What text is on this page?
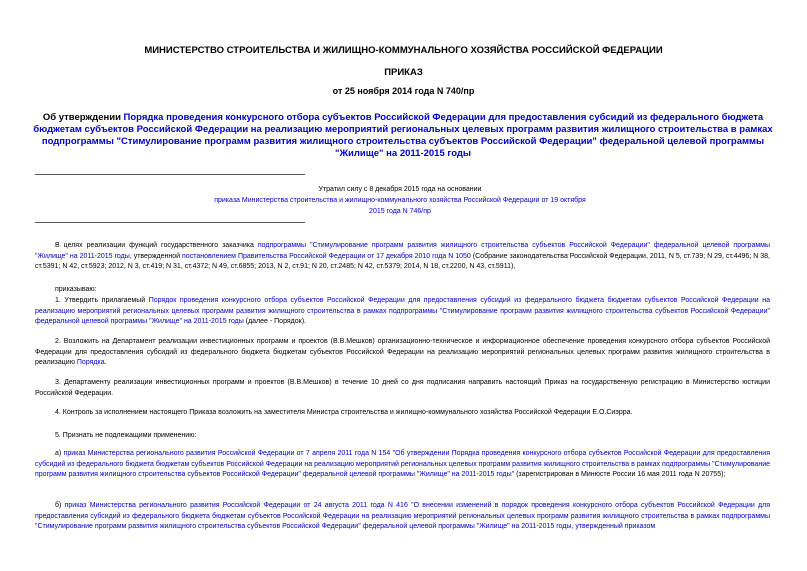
МИНИСТЕРСТВО СТРОИТЕЛЬСТВА И ЖИЛИЩНО-КОММУНАЛЬНОГО ХОЗЯЙСТВА РОССИЙСКОЙ ФЕДЕРАЦИИ
ПРИКАЗ
от 25 ноября 2014 года N 740/пр
Об утверждении Порядка проведения конкурсного отбора субъектов Российской Федерации для предоставления субсидий из федерального бюджета бюджетам субъектов Российской Федерации на реализацию мероприятий региональных целевых программ развития жилищного строительства в рамках подпрограммы "Стимулирование программ развития жилищного строительства субъектов Российской Федерации" федеральной целевой программы "Жилище" на 2011-2015 годы
Утратил силу с 8 декабря 2015 года на основании
приказа Министерства строительства и жилищно-коммунального хозяйства Российской Федерации от 19 октября 2015 года N 746/пр

В целях реализации функций государственного заказчика подпрограммы "Стимулирование программ развития жилищного строительства субъектов Российской Федерации" федеральной целевой программы "Жилище" на 2011-2015 годы, утвержденной постановлением Правительства Российской Федерации от 17 декабря 2010 года N 1050 (Собрание законодательства Российской Федерации, 2011, N 5, ст.739; N 29, ст.4496; N 38, ст.5391; N 42, ст.5923; 2012, N 3, ст.419; N 31, ст.4372; N 49, ст.6855; 2013, N 2, ст.91; N 20, ст.2485; N 42, ст.5379; 2014, N 18, ст.2200, N 43, ст.5911),

приказываю:

1. Утвердить прилагаемый Порядок проведения конкурсного отбора субъектов Российской Федерации для предоставления субсидий из федерального бюджета бюджетам субъектов Российской Федерации на реализацию мероприятий региональных целевых программ развития жилищного строительства в рамках подпрограммы "Стимулирование программ развития жилищного строительства субъектов Российской Федерации" федеральной целевой программы "Жилище" на 2011-2015 годы (далее - Порядок).

2. Возложить на Департамент реализации инвестиционных программ и проектов (В.В.Мешков) организационно-техническое и информационное обеспечение проведения конкурсного отбора субъектов Российской Федерации для предоставления субсидий из федерального бюджета бюджетам субъектов Российской Федерации на реализацию мероприятий региональных целевых программ развития жилищного строительства в реализацию Порядка.

3. Департаменту реализации инвестиционных программ и проектов (В.В.Мешков) в течение 10 дней со дня подписания направить настоящий Приказ на государственную регистрацию в Министерство юстиции Российской Федерации.

4. Контроль за исполнением настоящего Приказа возложить на заместителя Министра строительства и жилищно-коммунального хозяйства Российской Федерации Е.О.Сиэрра.

5. Признать не подлежащими применению:

а) приказ Министерства регионального развития Российской Федерации от 7 апреля 2011 года N 154 "Об утверждении Порядка проведения конкурсного отбора субъектов Российской Федерации для предоставления субсидий из федерального бюджета бюджетам субъектов Российской Федерации на реализацию мероприятий региональных целевых программ развития жилищного строительства в рамках подпрограммы "Стимулирование программ развития жилищного строительства субъектов Российской Федерации" федеральной целевой программы "Жилище" на 2011-2015 годы" (зарегистрирован в Минюсте России 16 мая 2011 года N 20755);

б) приказ Министерства регионального развития Российской Федерации от 24 августа 2011 года N 416 "О внесении изменений в порядок проведения конкурсного отбора субъектов Российской Федерации для предоставления субсидий из федерального бюджета бюджетам субъектов Российской Федерации на реализацию мероприятий региональных целевых программ развития жилищного строительства в рамках подпрограммы "Стимулирование программ развития жилищного строительства субъектов Российской Федерации" федеральной целевой программы "Жилище" на 2011-2015 годы, утвержденный приказом
